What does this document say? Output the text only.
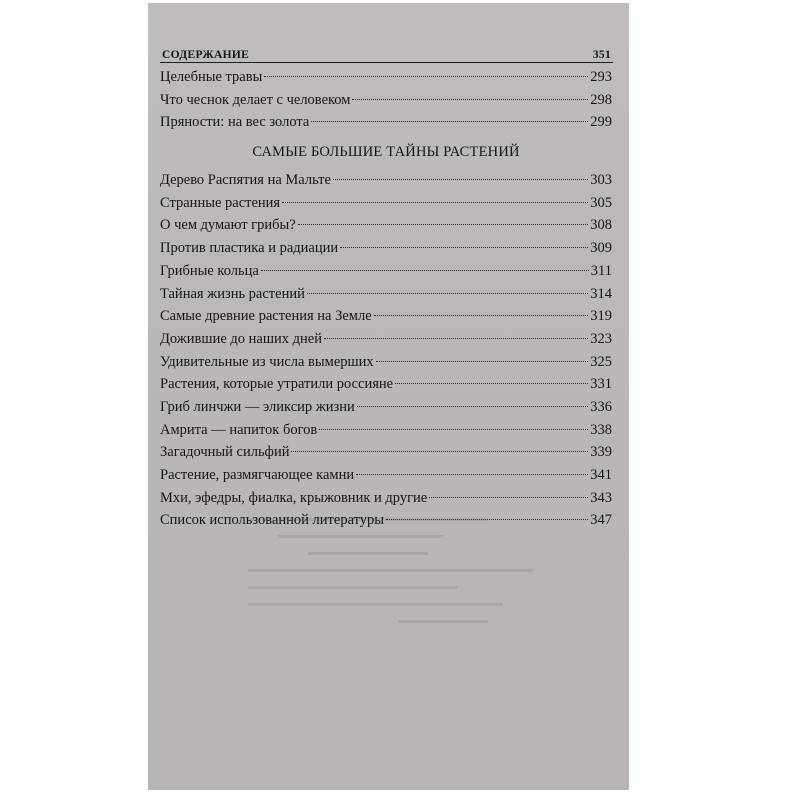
СОДЕРЖАНИЕ	351
Целебные травы	293
Что чеснок делает с человеком	298
Пряности: на вес золота	299
САМЫЕ БОЛЬШИЕ ТАЙНЫ РАСТЕНИЙ
Дерево Распятия на Мальте	303
Странные растения	305
О чем думают грибы?	308
Против пластика и радиации	309
Грибные кольца	311
Тайная жизнь растений	314
Самые древние растения на Земле	319
Дожившие до наших дней	323
Удивительные из числа вымерших	325
Растения, которые утратили россияне	331
Гриб линчжи — эликсир жизни	336
Амрита — напиток богов	338
Загадочный сильфий	339
Растение, размягчающее камни	341
Мхи, эфедры, фиалка, крыжовник и другие	343
Список использованной литературы	347
